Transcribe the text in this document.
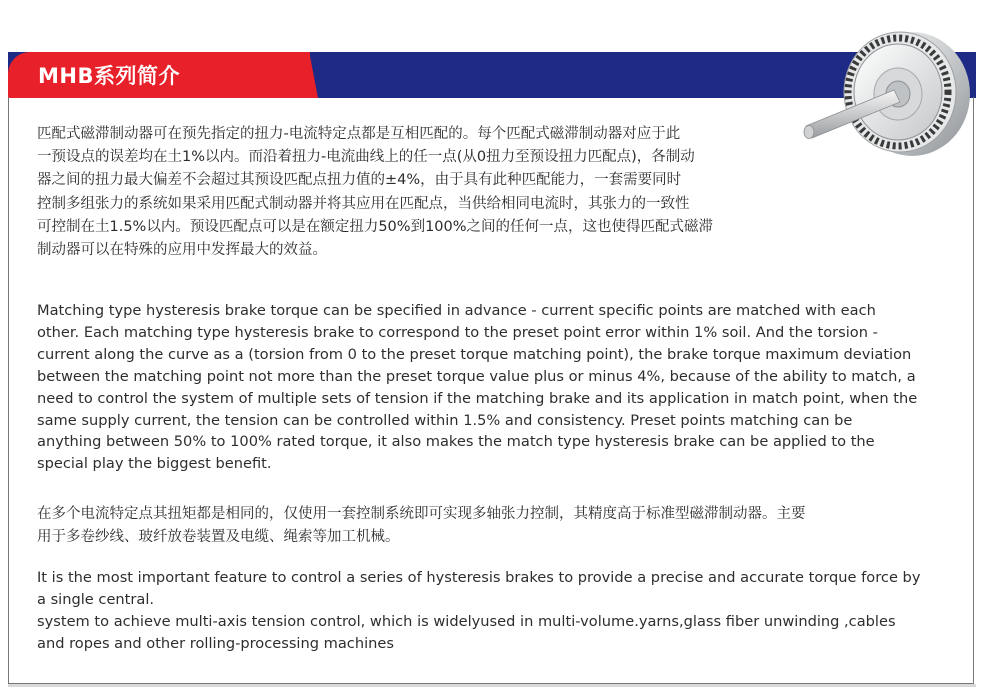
MHB系列简介
匹配式磁滞制动器可在预先指定的扭力-电流特定点都是互相匹配的。每个匹配式磁滞制动器对应于此
一预设点的误差均在土1%以内。而沿着扭力-电流曲线上的任一点(从0扭力至预设扭力匹配点)，各制动
器之间的扭力最大偏差不会超过其预设匹配点扭力值的±4%，由于具有此种匹配能力，一套需要同时
控制多组张力的系统如果采用匹配式制动器并将其应用在匹配点，当供给相同电流时，其张力的一致性
可控制在土1.5%以内。预设匹配点可以是在额定扭力50%到100%之间的任何一点，这也使得匹配式磁滞
制动器可以在特殊的应用中发挥最大的效益。
Matching type hysteresis brake torque can be specified in advance - current specific points are matched with each
other. Each matching type hysteresis brake to correspond to the preset point error within 1% soil. And the torsion -
current along the curve as a (torsion from 0 to the preset torque matching point), the brake torque maximum deviation
between the matching point not more than the preset torque value plus or minus 4%, because of the ability to match, a
need to control the system of multiple sets of tension if the matching brake and its application in match point, when the
same supply current, the tension can be controlled within 1.5% and consistency. Preset points matching can be
anything between 50% to 100% rated torque, it also makes the match type hysteresis brake can be applied to the
special play the biggest benefit.
在多个电流特定点其扭矩都是相同的，仅使用一套控制系统即可实现多轴张力控制，其精度高于标准型磁滞制动器。主要
用于多卷纱线、玻纤放卷装置及电缆、绳索等加工机械。
It is the most important feature to control a series of hysteresis brakes to provide a precise and accurate torque force by
a single central.
system to achieve multi-axis tension control, which is widelyused in multi-volume.yarns,glass fiber unwinding ,cables
and ropes and other rolling-processing machines
